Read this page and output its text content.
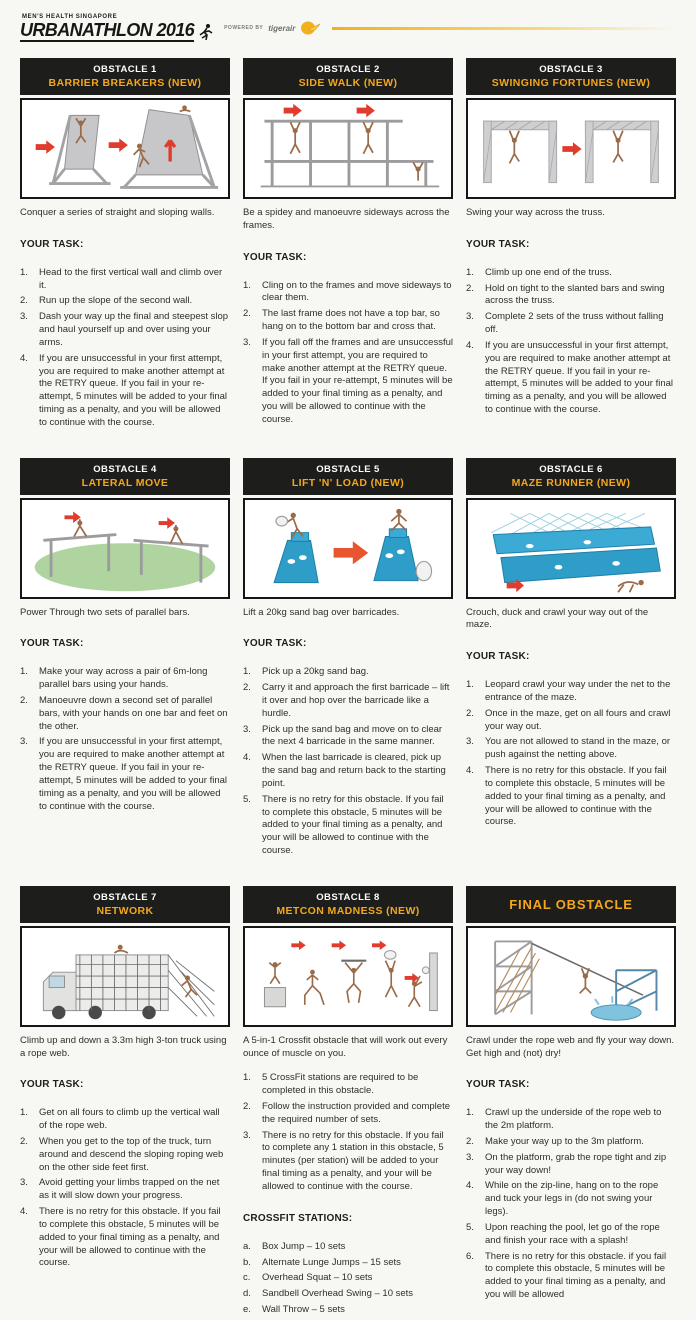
MEN'S HEALTH SINGAPORE
URBANATHLON 2016	POWERED BY tigerair
OBSTACLE 1
BARRIER BREAKERS (NEW)

Conquer a series of straight and sloping walls.

YOUR TASK:
Head to the first vertical wall and climb over it.
Run up the slope of the second wall.
Dash your way up the final and steepest slop and haul yourself up and over using your arms.
If you are unsuccessful in your first attempt, you are required to make another attempt at the RETRY queue. If you fail in your re-attempt, 5 minutes will be added to your final timing as a penalty, and you will be allowed to continue with the course.
OBSTACLE 2
SIDE WALK (NEW)

Be a spidey and manoeuvre sideways across the frames.

YOUR TASK:
Cling on to the frames and move sideways to clear them.
The last frame does not have a top bar, so hang on to the bottom bar and cross that.
If you fall off the frames and are unsuccessful in your first attempt, you are required to make another attempt at the RETRY queue. If you fail in your re-attempt, 5 minutes will be added to your final timing as a penalty, and you will be allowed to continue with the course.
OBSTACLE 3
SWINGING FORTUNES (NEW)

Swing your way across the truss.

YOUR TASK:
Climb up one end of the truss.
Hold on tight to the slanted bars and swing across the truss.
Complete 2 sets of the truss without falling off.
If you are unsuccessful in your first attempt, you are required to make another attempt at the RETRY queue. If you fail in your re-attempt, 5 minutes will be added to your final timing as a penalty, and you will be allowed to continue with the course.
OBSTACLE 4
LATERAL MOVE

Power Through two sets of parallel bars.

YOUR TASK:
Make your way across a pair of 6m-long parallel bars using your hands.
Manoeuvre down a second set of parallel bars, with your hands on one bar and feet on the other.
If you are unsuccessful in your first attempt, you are required to make another attempt at the RETRY queue. If you fail in your re-attempt, 5 minutes will be added to your final timing as a penalty, and you will be allowed to continue with the course.
OBSTACLE 5
LIFT 'N' LOAD (NEW)

Lift a 20kg sand bag over barricades.

YOUR TASK:
Pick up a 20kg sand bag.
Carry it and approach the first barricade – lift it over and hop over the barricade like a hurdle.
Pick up the sand bag and move on to clear the next 4 barricade in the same manner.
When the last barricade is cleared, pick up the sand bag and return back to the starting point.
There is no retry for this obstacle. If you fail to complete this obstacle, 5 minutes will be added to your final timing as a penalty, and your will be allowed to continue with the course.
OBSTACLE 6
MAZE RUNNER (NEW)

Crouch, duck and crawl your way out of the maze.

YOUR TASK:
Leopard crawl your way under the net to the entrance of the maze.
Once in the maze, get on all fours and crawl your way out.
You are not allowed to stand in the maze, or push against the netting above.
There is no retry for this obstacle. If you fail to complete this obstacle, 5 minutes will be added to your final timing as a penalty, and your will be allowed to continue with the course.
OBSTACLE 7
NETWORK

Climb up and down a 3.3m high 3-ton truck using a rope web.

YOUR TASK:
Get on all fours to climb up the vertical wall of the rope web.
When you get to the top of the truck, turn around and descend the sloping roping web on the other side feet first.
Avoid getting your limbs trapped on the net as it will slow down your progress.
There is no retry for this obstacle. If you fail to complete this obstacle, 5 minutes will be added to your final timing as a penalty, and your will be allowed to continue with the course.
OBSTACLE 8
METCON MADNESS (NEW)

A 5-in-1 Crossfit obstacle that will work out every ounce of muscle on you.

5 CrossFit stations are required to be completed in this obstacle.
Follow the instruction provided and complete the required number of sets.
There is no retry for this obstacle. If you fail to complete any 1 station in this obstacle, 5 minutes (per station) will be added to your final timing as a penalty, and your will be allowed to continue with the course.
CROSSFIT STATIONS:
Box Jump – 10 sets
Alternate Lunge Jumps – 15 sets
Overhead Squat – 10 sets
Sandbell Overhead Swing – 10 sets
Wall Throw – 5 sets
FINAL OBSTACLE

Crawl under the rope web and fly your way down. Get high and (not) dry!

YOUR TASK:
Crawl up the underside of the rope web to the 2m platform.
Make your way up to the 3m platform.
On the platform, grab the rope tight and zip your way down!
While on the zip-line, hang on to the rope and tuck your legs in (do not swing your legs).
Upon reaching the pool, let go of the rope and finish your race with a splash!
There is no retry for this obstacle. if you fail to complete this obstacle, 5 minutes will be added to your final timing as a penalty, and you will be allowed
